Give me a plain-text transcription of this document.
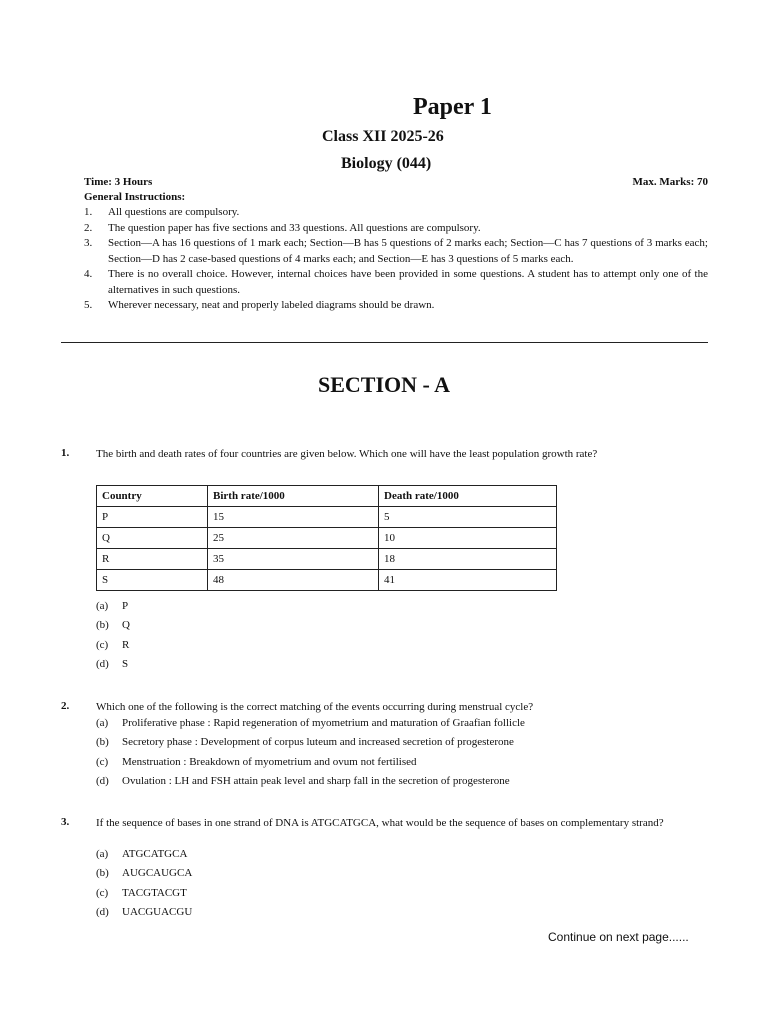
Paper 1
Class XII 2025-26
Biology (044)
Time: 3 Hours	Max. Marks: 70
General Instructions:
1.	All questions are compulsory.
2.	The question paper has five sections and 33 questions. All questions are compulsory.
3.	Section—A has 16 questions of 1 mark each; Section—B has 5 questions of 2 marks each; Section—C has 7 questions of 3 marks each; Section—D has 2 case-based questions of 4 marks each; and Section—E has 3 questions of 5 marks each.
4.	There is no overall choice. However, internal choices have been provided in some questions. A student has to attempt only one of the alternatives in such questions.
5.	Wherever necessary, neat and properly labeled diagrams should be drawn.
SECTION - A
1. The birth and death rates of four countries are given below. Which one will have the least population growth rate?
Country	Birth rate/1000	Death rate/1000
P	15	5
Q	25	10
R	35	18
S	48	41
(a)	P
(b)	Q
(c)	R
(d)	S
2. Which one of the following is the correct matching of the events occurring during menstrual cycle?
(a)	Proliferative phase : Rapid regeneration of myometrium and maturation of Graafian follicle
(b)	Secretory phase : Development of corpus luteum and increased secretion of progesterone
(c)	Menstruation : Breakdown of myometrium and ovum not fertilised
(d)	Ovulation : LH and FSH attain peak level and sharp fall in the secretion of progesterone
3. If the sequence of bases in one strand of DNA is ATGCATGCA, what would be the sequence of bases on complementary strand?
(a)	ATGCATGCA
(b)	AUGCAUGCA
(c)	TACGTACGT
(d)	UACGUACGU
Continue on next page......
